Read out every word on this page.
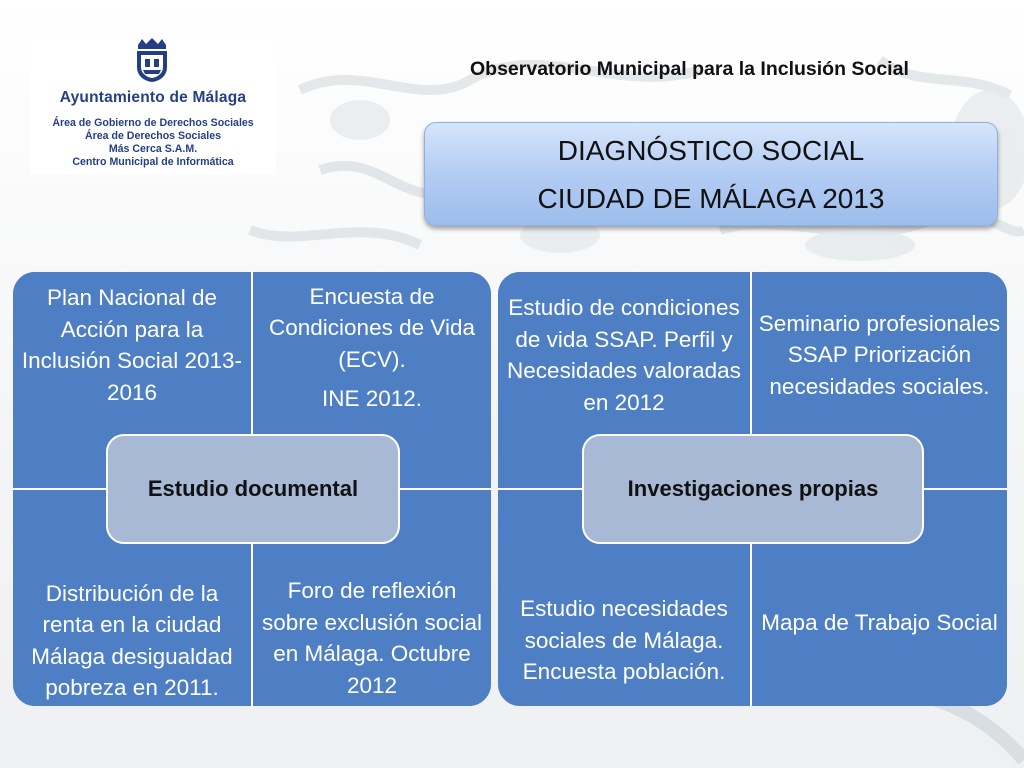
Ayuntamiento de Málaga
Área de Gobierno de Derechos Sociales
Área de Derechos Sociales
Más Cerca S.A.M.
Centro Municipal de Informática
Observatorio Municipal para la Inclusión Social
DIAGNÓSTICO SOCIAL
CIUDAD DE MÁLAGA 2013
Plan Nacional de Acción para la Inclusión Social 2013-2016
Encuesta de Condiciones de Vida (ECV).
INE 2012.
Distribución de la renta en la ciudad Málaga desigualdad pobreza en 2011.
Foro de reflexión sobre exclusión social en Málaga. Octubre 2012
Estudio documental
Estudio de condiciones de vida SSAP. Perfil y Necesidades valoradas en 2012
Seminario profesionales SSAP Priorización necesidades sociales.
Estudio necesidades sociales de Málaga. Encuesta población.
Mapa de Trabajo Social
Investigaciones propias
